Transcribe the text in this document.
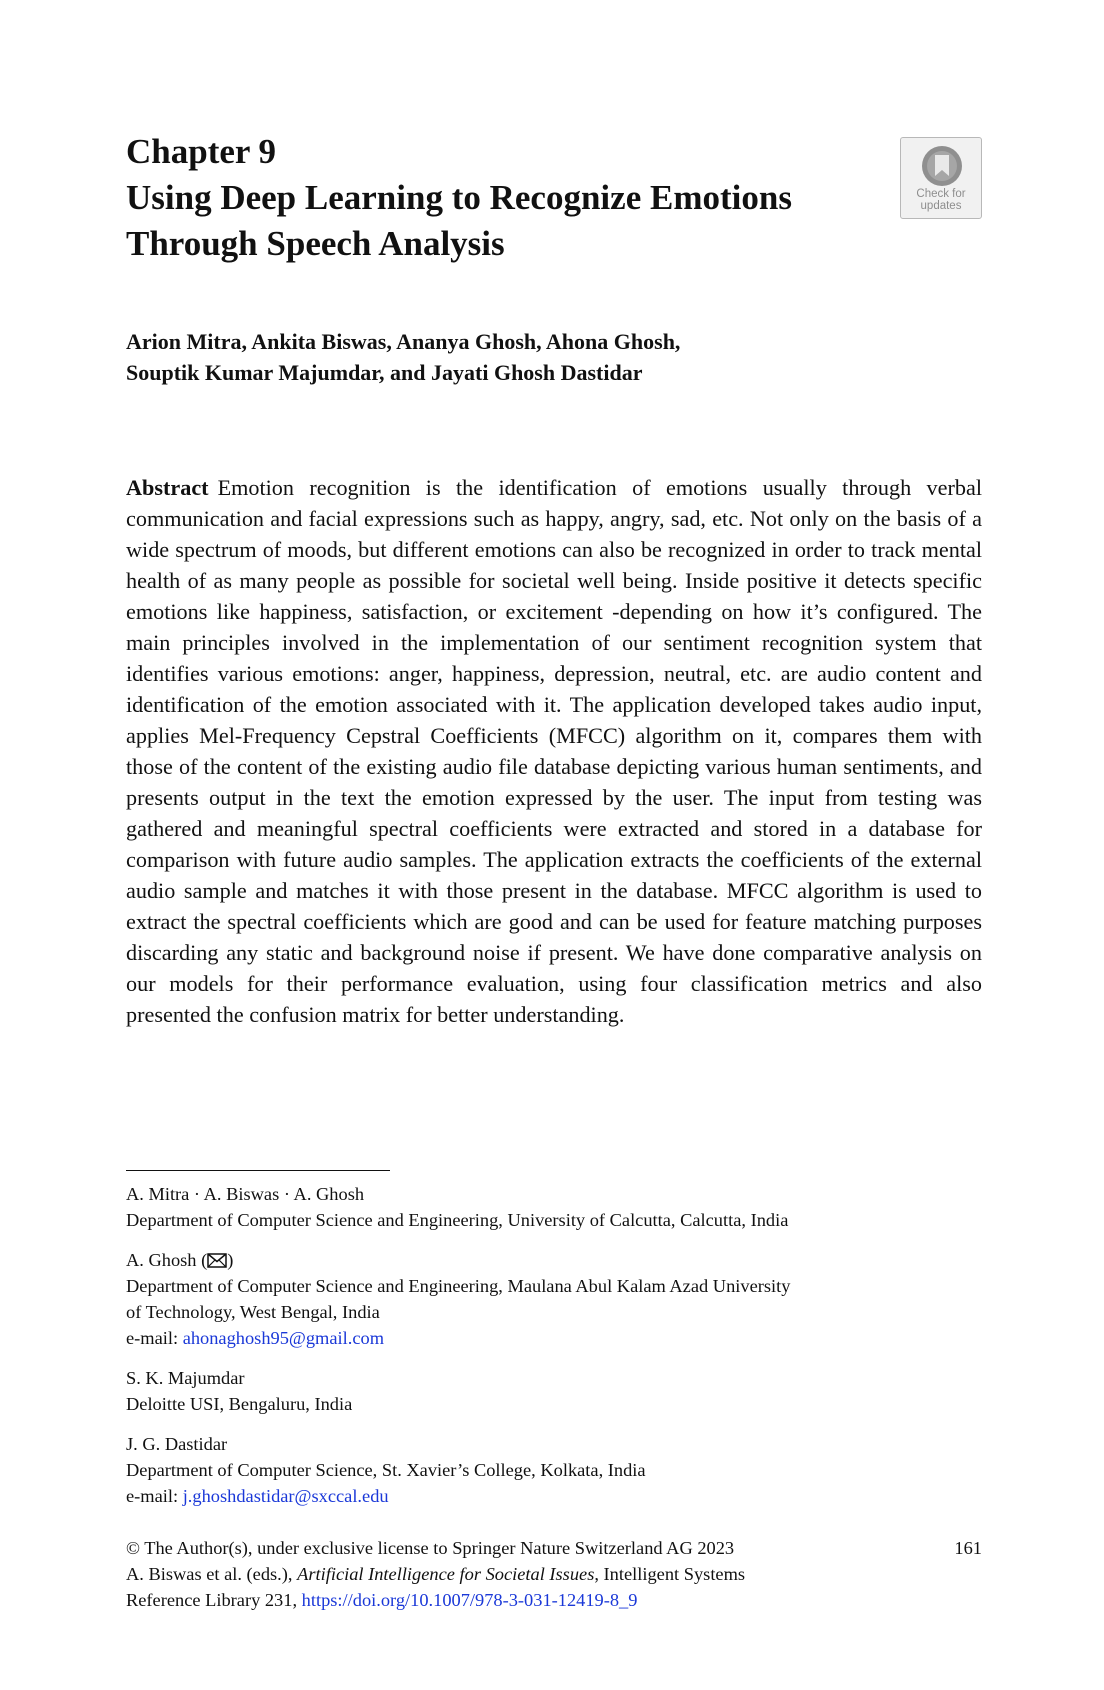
Chapter 9
Using Deep Learning to Recognize Emotions Through Speech Analysis
Check for
updates
Arion Mitra, Ankita Biswas, Ananya Ghosh, Ahona Ghosh,
Souptik Kumar Majumdar, and Jayati Ghosh Dastidar
Abstract Emotion recognition is the identification of emotions usually through verbal communication and facial expressions such as happy, angry, sad, etc. Not only on the basis of a wide spectrum of moods, but different emotions can also be recognized in order to track mental health of as many people as possible for societal well being. Inside positive it detects specific emotions like happiness, satisfaction, or excitement -depending on how it’s configured. The main principles involved in the implementation of our sentiment recognition system that identifies various emotions: anger, happiness, depression, neutral, etc. are audio content and identification of the emotion associated with it. The application developed takes audio input, applies Mel-Frequency Cepstral Coefficients (MFCC) algorithm on it, compares them with those of the content of the existing audio file database depicting various human sentiments, and presents output in the text the emotion expressed by the user. The input from testing was gathered and meaningful spectral coefficients were extracted and stored in a database for comparison with future audio samples. The application extracts the coefficients of the external audio sample and matches it with those present in the database. MFCC algorithm is used to extract the spectral coefficients which are good and can be used for feature matching purposes discarding any static and background noise if present. We have done comparative analysis on our models for their performance evaluation, using four classification metrics and also presented the confusion matrix for better understanding.
A. Mitra · A. Biswas · A. Ghosh
Department of Computer Science and Engineering, University of Calcutta, Calcutta, India
A. Ghosh ( )
Department of Computer Science and Engineering, Maulana Abul Kalam Azad University
of Technology, West Bengal, India
e-mail: ahonaghosh95@gmail.com
S. K. Majumdar
Deloitte USI, Bengaluru, India
J. G. Dastidar
Department of Computer Science, St. Xavier’s College, Kolkata, India
e-mail: j.ghoshdastidar@sxccal.edu
© The Author(s), under exclusive license to Springer Nature Switzerland AG 2023
A. Biswas et al. (eds.), Artificial Intelligence for Societal Issues, Intelligent Systems
Reference Library 231, https://doi.org/10.1007/978-3-031-12419-8_9
161
